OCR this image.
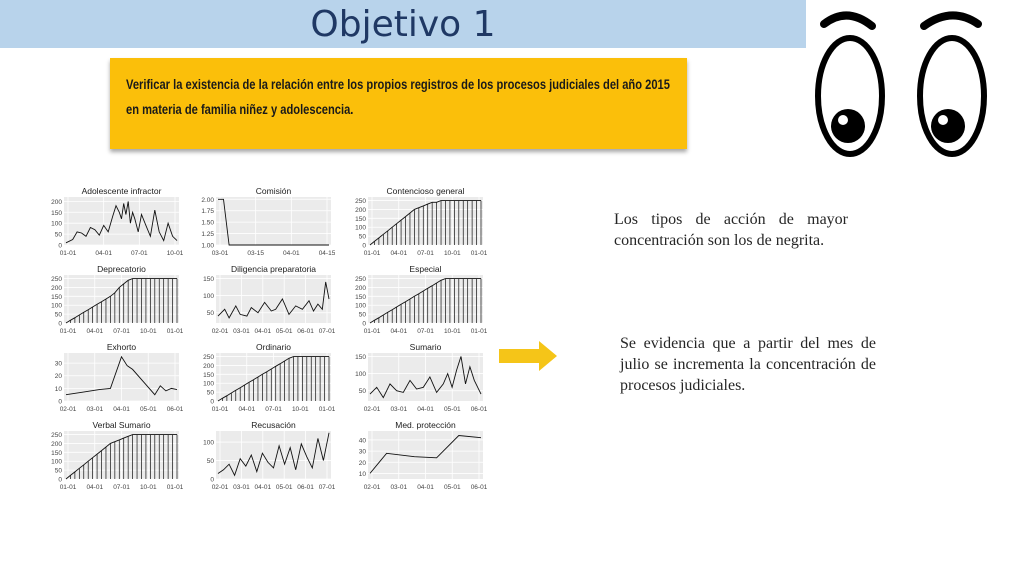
Objetivo 1
Verificar la existencia de la relación entre los propios registros de los procesos judiciales del año 2015 en materia de familia niñez y adolescencia.
Adolescente infractor
0
50
100
150
200
01-01	04-01	07-01	10-01
Comisión
1.00
1.25
1.50
1.75
2.00
03-01	03-15	04-01	04-15
Contencioso general
0
50
100
150
200
250
01-01 04-01 07-01 10-01 01-01
Deprecatorio
0
50
100
150
200
250
01-01 04-01 07-01 10-01 01-01
Diligencia preparatoria
50
100
150
02-01 03-01 04-01 05-01 06-01 07-01
Especial
0
50
100
150
200
250
01-01 04-01 07-01 10-01 01-01
Exhorto
0
10
20
30
02-01 03-01 04-01 05-01 06-01
Ordinario
0
50
100
150
200
250
01-01 04-01 07-01 10-01 01-01
Sumario
50
100
150
02-01 03-01 04-01 05-01 06-01
Verbal Sumario
0
50
100
150
200
250
01-01 04-01 07-01 10-01 01-01
Recusación
0
50
100
02-01 03-01 04-01 05-01 06-01 07-01
Med. protección
10
20
30
40
02-01 03-01 04-01 05-01 06-01
Los tipos de acción de mayor concentración son los de negrita.
Se evidencia que a partir del mes de julio se incrementa la concentración de procesos judiciales.
